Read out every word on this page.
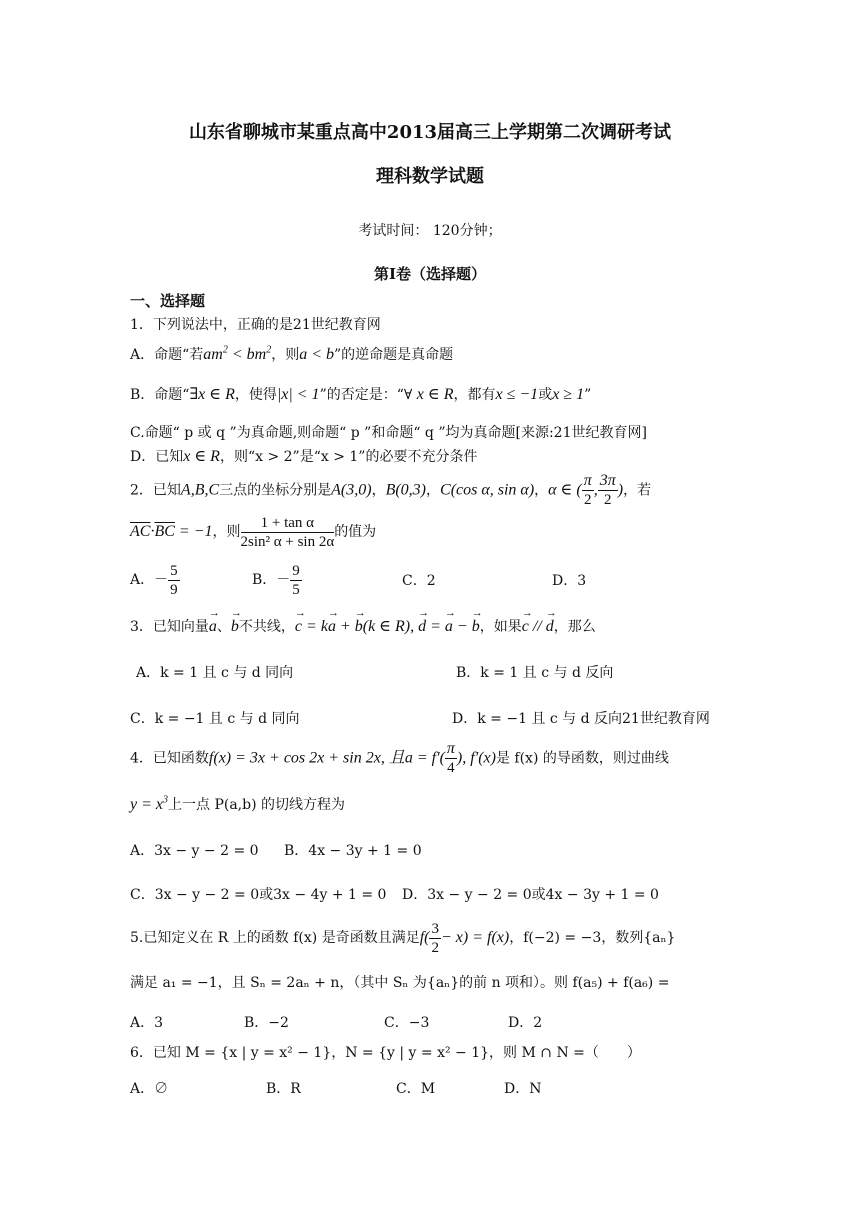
山东省聊城市某重点高中2013届高三上学期第二次调研考试
理科数学试题
考试时间： 120分钟；
第Ⅰ卷（选择题）
一、选择题
1．下列说法中，正确的是21世纪教育网
A．命题“若$am^2 < bm^2$，则a < b”的逆命题是真命题
B．命题“∃x ∈ R，使得|x| < 1”的否定是：“∀ x ∈ R，都有x ≤ −1或x ≥ 1”
C.命题“ p 或 q ”为真命题,则命题“ p ”和命题“ q ”均为真命题[来源:21世纪教育网]
D．已知x ∈ R，则“x > 2”是“x > 1”的必要不充分条件
2．已知A,B,C三点的坐标分别是A(3,0)，B(0,3)，C(cos α, sin α)，α ∈ ( $\frac{\pi}{2}$ , $\frac{3\pi}{2}$ )，若
$\overline{AC}\cdot\overline{BC} = -1$，则 $\frac{\text{1 + tan α}}{\text{2sin² α + sin 2α}}$ 的值为
A．－ $\frac{5}{9}$	B．－ $\frac{9}{5}$	C．2	D．3
3．已知向量→ a、→ b不共线，→ c = k→ a + → b(k ∈ R), → d = → a − → b，如果→ c // → d，那么
A．k = 1 且 c 与 d 同向	B．k = 1 且 c 与 d 反向
C．k = −1 且 c 与 d 同向	D．k = −1 且 c 与 d 反向21世纪教育网
4．已知函数f(x) = 3x + cos 2x + sin 2x, 且$a = f'( \frac{\pi}{4}$ ), f′(x)是 f(x) 的导函数，则过曲线
$y = x^3$上一点 P(a,b) 的切线方程为
A．3x − y − 2 = 0 B．4x − 3y + 1 = 0
C．3x − y − 2 = 0或3x − 4y + 1 = 0 D．3x − y − 2 = 0或4x − 3y + 1 = 0
5.已知定义在 R 上的函数 f(x) 是奇函数且满足$f( \frac{3}{2} - x) = f(x)$，f(−2) = −3，数列{aₙ}
满足 a₁ = −1，且 Sₙ = 2aₙ + n，（其中 Sₙ 为{aₙ}的前 n 项和）。则 f(a₅) + f(a₆) =
A．3	B．−2	C．−3	D．2
6．已知 M = {x | y = x² − 1}，N = {y | y = x² − 1}，则 M ∩ N =（　　）
A．∅	B．R	C．M	D．N
